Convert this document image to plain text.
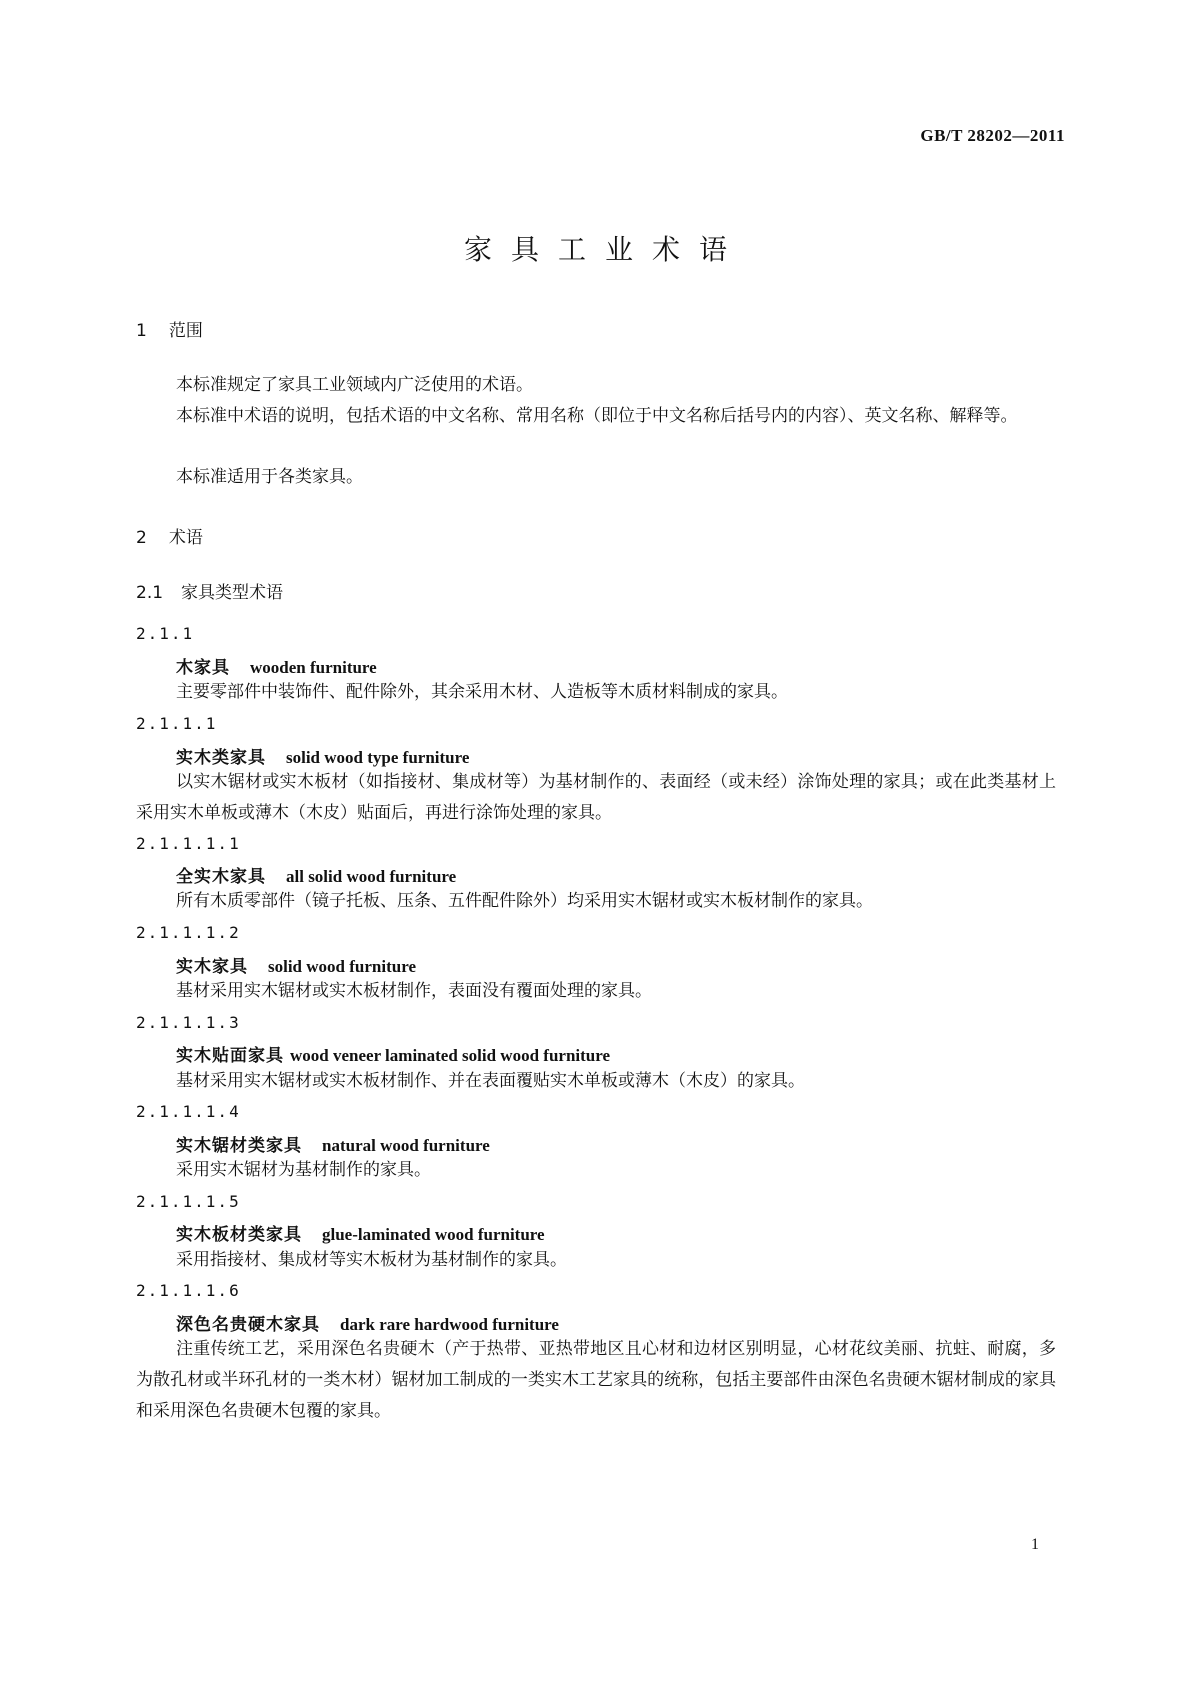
GB/T 28202—2011
家具工业术语
1 范围
本标准规定了家具工业领域内广泛使用的术语。
本标准中术语的说明，包括术语的中文名称、常用名称（即位于中文名称后括号内的内容）、英文名称、解释等。
本标准适用于各类家具。
2 术语
2.1 家具类型术语
2.1.1
木家具 wooden furniture
主要零部件中装饰件、配件除外，其余采用木材、人造板等木质材料制成的家具。
2.1.1.1
实木类家具 solid wood type furniture
以实木锯材或实木板材（如指接材、集成材等）为基材制作的、表面经（或未经）涂饰处理的家具；或在此类基材上采用实木单板或薄木（木皮）贴面后，再进行涂饰处理的家具。
2.1.1.1.1
全实木家具 all solid wood furniture
所有木质零部件（镜子托板、压条、五件配件除外）均采用实木锯材或实木板材制作的家具。
2.1.1.1.2
实木家具 solid wood furniture
基材采用实木锯材或实木板材制作，表面没有覆面处理的家具。
2.1.1.1.3
实木贴面家具 wood veneer laminated solid wood furniture
基材采用实木锯材或实木板材制作、并在表面覆贴实木单板或薄木（木皮）的家具。
2.1.1.1.4
实木锯材类家具 natural wood furniture
采用实木锯材为基材制作的家具。
2.1.1.1.5
实木板材类家具 glue-laminated wood furniture
采用指接材、集成材等实木板材为基材制作的家具。
2.1.1.1.6
深色名贵硬木家具 dark rare hardwood furniture
注重传统工艺，采用深色名贵硬木（产于热带、亚热带地区且心材和边材区别明显，心材花纹美丽、抗蛀、耐腐，多为散孔材或半环孔材的一类木材）锯材加工制成的一类实木工艺家具的统称，包括主要部件由深色名贵硬木锯材制成的家具和采用深色名贵硬木包覆的家具。
1
